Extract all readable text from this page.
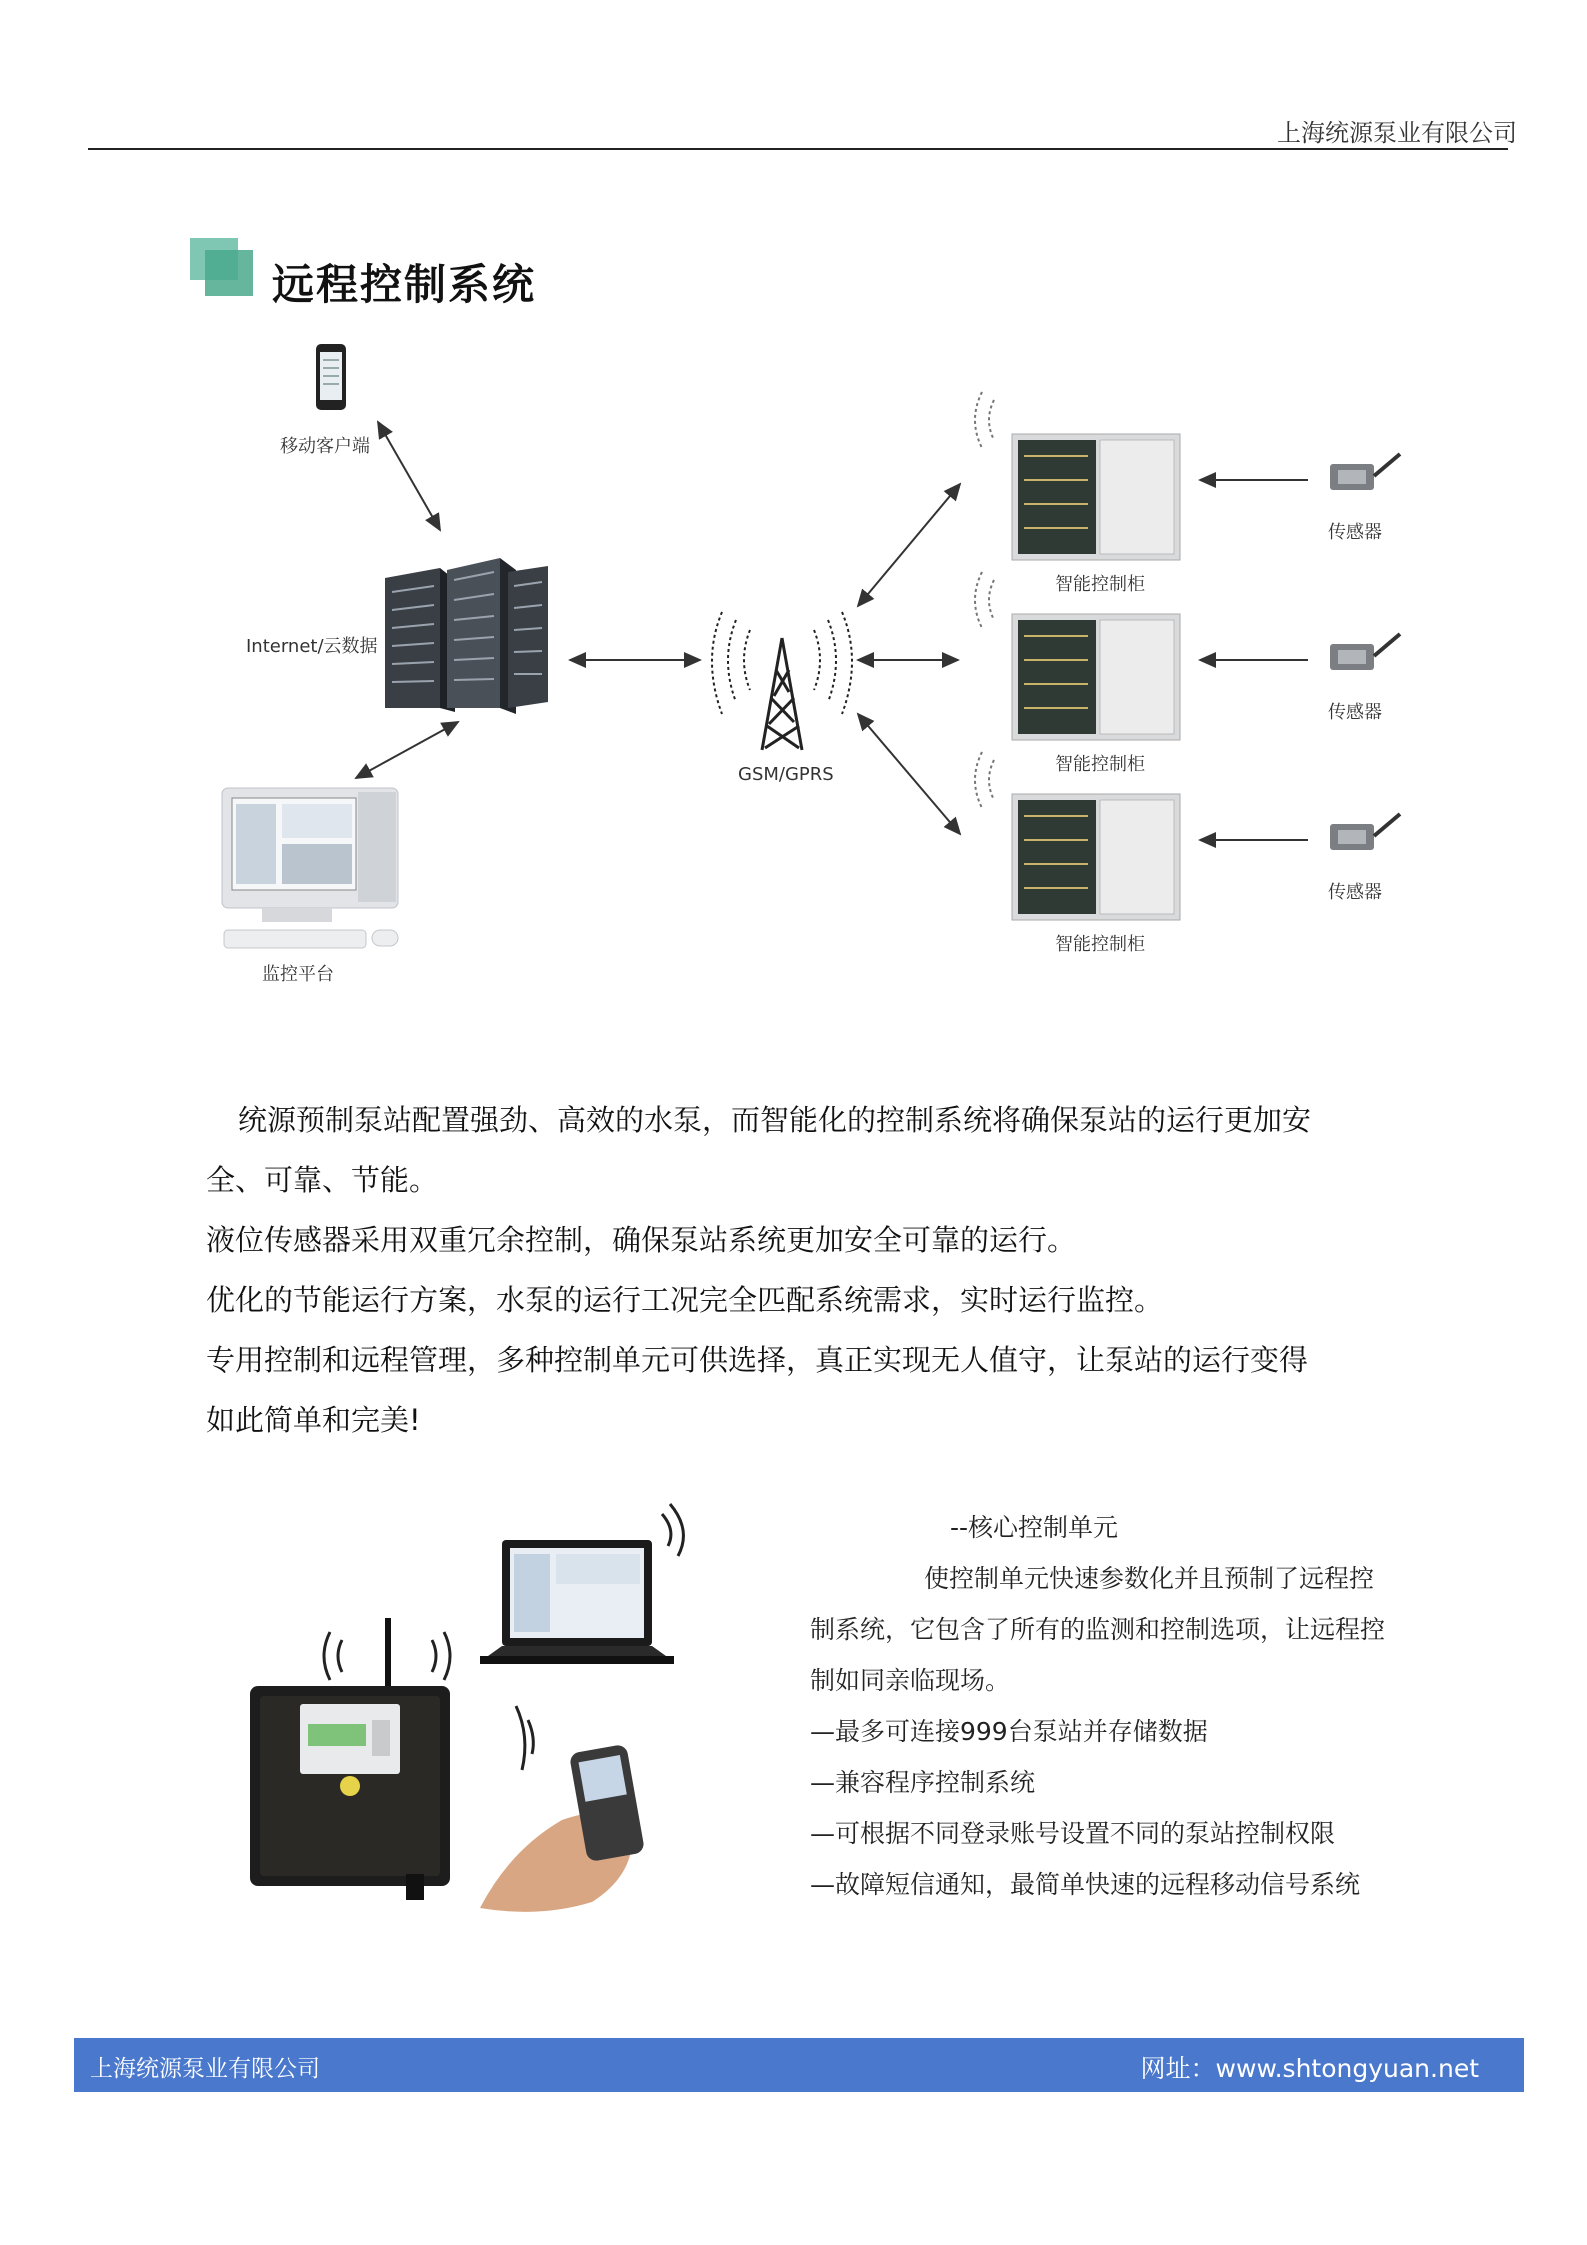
上海统源泵业有限公司
远程控制系统
移动客户端
Internet/云数据
监控平台
GSM/GPRS
智能控制柜
智能控制柜
智能控制柜
传感器
传感器
传感器

统源预制泵站配置强劲、高效的水泵，而智能化的控制系统将确保泵站的运行更加安

全、可靠、节能。

液位传感器采用双重冗余控制，确保泵站系统更加安全可靠的运行。

优化的节能运行方案，水泵的运行工况完全匹配系统需求，实时运行监控。

专用控制和远程管理，多种控制单元可供选择，真正实现无人值守，让泵站的运行变得

如此简单和完美!

--核心控制单元

使控制单元快速参数化并且预制了远程控

制系统，它包含了所有的监测和控制选项，让远程控

制如同亲临现场。

—最多可连接999台泵站并存储数据

—兼容程序控制系统

—可根据不同登录账号设置不同的泵站控制权限

—故障短信通知，最简单快速的远程移动信号系统

上海统源泵业有限公司	网址：www.shtongyuan.net
